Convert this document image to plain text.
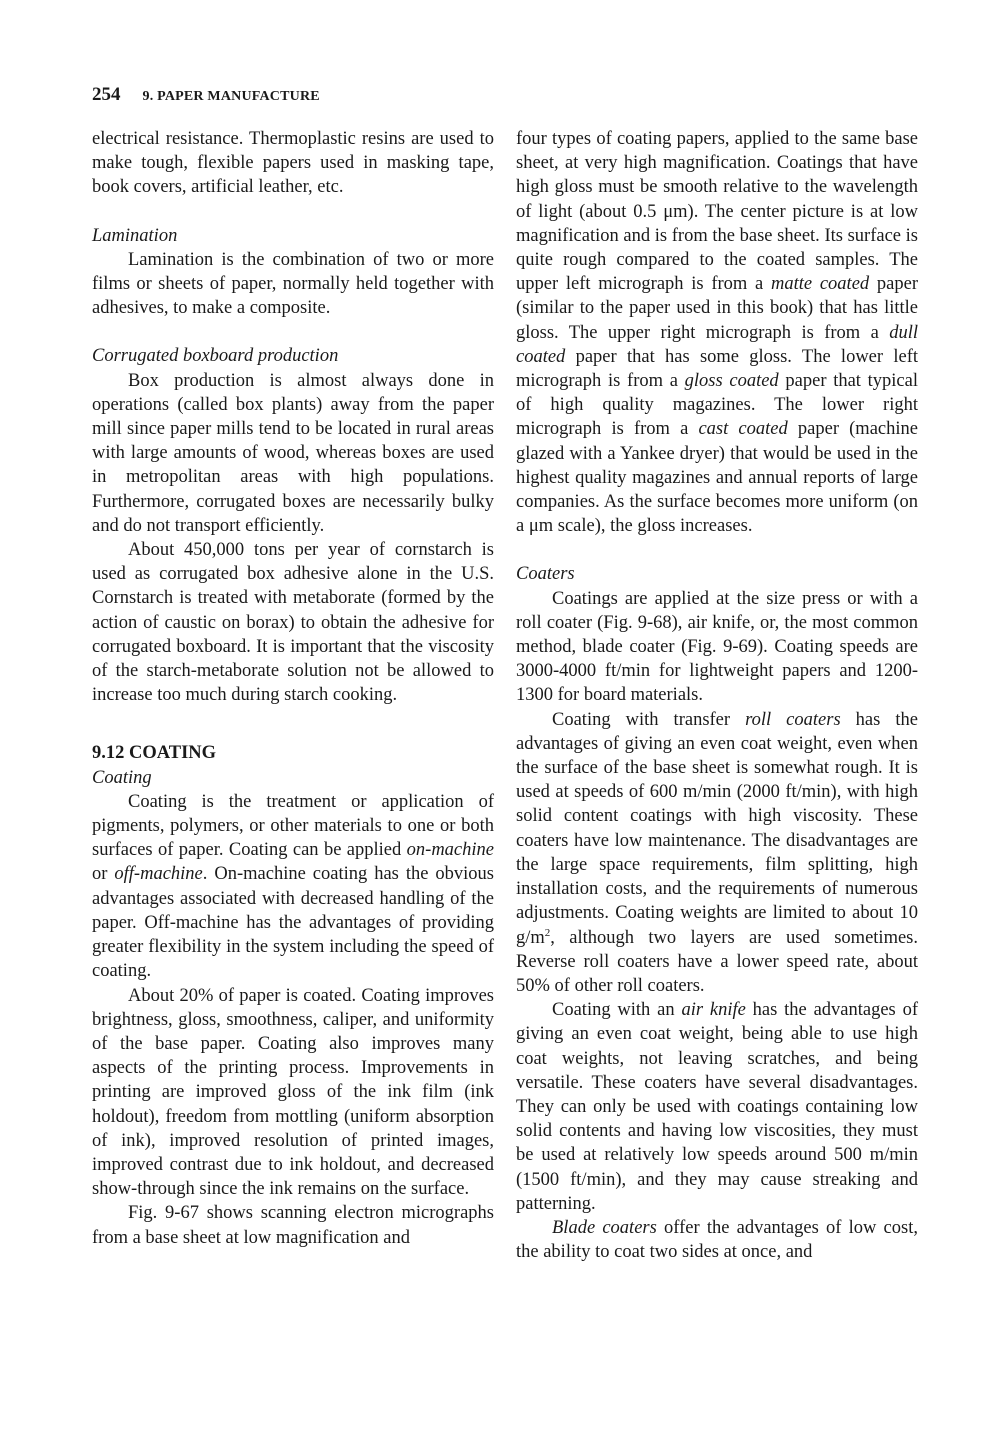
254 9. PAPER MANUFACTURE

electrical resistance. Thermoplastic resins are used to make tough, flexible papers used in masking tape, book covers, artificial leather, etc.

Lamination

Lamination is the combination of two or more films or sheets of paper, normally held together with adhesives, to make a composite.

Corrugated boxboard production

Box production is almost always done in operations (called box plants) away from the paper mill since paper mills tend to be located in rural areas with large amounts of wood, whereas boxes are used in metropolitan areas with high populations. Furthermore, corrugated boxes are necessarily bulky and do not transport efficiently.

About 450,000 tons per year of cornstarch is used as corrugated box adhesive alone in the U.S. Cornstarch is treated with metaborate (formed by the action of caustic on borax) to obtain the adhesive for corrugated boxboard. It is important that the viscosity of the starch-metaborate solution not be allowed to increase too much during starch cooking.

9.12 COATING

Coating

Coating is the treatment or application of pigments, polymers, or other materials to one or both surfaces of paper. Coating can be applied on-machine or off-machine. On-machine coating has the obvious advantages associated with decreased handling of the paper. Off-machine has the advantages of providing greater flexibility in the system including the speed of coating.

About 20% of paper is coated. Coating improves brightness, gloss, smoothness, caliper, and uniformity of the base paper. Coating also improves many aspects of the printing process. Improvements in printing are improved gloss of the ink film (ink holdout), freedom from mottling (uniform absorption of ink), improved resolution of printed images, improved contrast due to ink holdout, and decreased show-through since the ink remains on the surface.

Fig. 9-67 shows scanning electron micrographs from a base sheet at low magnification and

four types of coating papers, applied to the same base sheet, at very high magnification. Coatings that have high gloss must be smooth relative to the wavelength of light (about 0.5 μm). The center picture is at low magnification and is from the base sheet. Its surface is quite rough compared to the coated samples. The upper left micrograph is from a matte coated paper (similar to the paper used in this book) that has little gloss. The upper right micrograph is from a dull coated paper that has some gloss. The lower left micrograph is from a gloss coated paper that typical of high quality magazines. The lower right micrograph is from a cast coated paper (machine glazed with a Yankee dryer) that would be used in the highest quality magazines and annual reports of large companies. As the surface becomes more uniform (on a μm scale), the gloss increases.

Coaters

Coatings are applied at the size press or with a roll coater (Fig. 9-68), air knife, or, the most common method, blade coater (Fig. 9-69). Coating speeds are 3000-4000 ft/min for lightweight papers and 1200-1300 for board materials.

Coating with transfer roll coaters has the advantages of giving an even coat weight, even when the surface of the base sheet is somewhat rough. It is used at speeds of 600 m/min (2000 ft/min), with high solid content coatings with high viscosity. These coaters have low maintenance. The disadvantages are the large space requirements, film splitting, high installation costs, and the requirements of numerous adjustments. Coating weights are limited to about 10 $g/m^2$, although two layers are used sometimes. Reverse roll coaters have a lower speed rate, about 50% of other roll coaters.

Coating with an air knife has the advantages of giving an even coat weight, being able to use high coat weights, not leaving scratches, and being versatile. These coaters have several disadvantages. They can only be used with coatings containing low solid contents and having low viscosities, they must be used at relatively low speeds around 500 m/min (1500 ft/min), and they may cause streaking and patterning.

Blade coaters offer the advantages of low cost, the ability to coat two sides at once, and
